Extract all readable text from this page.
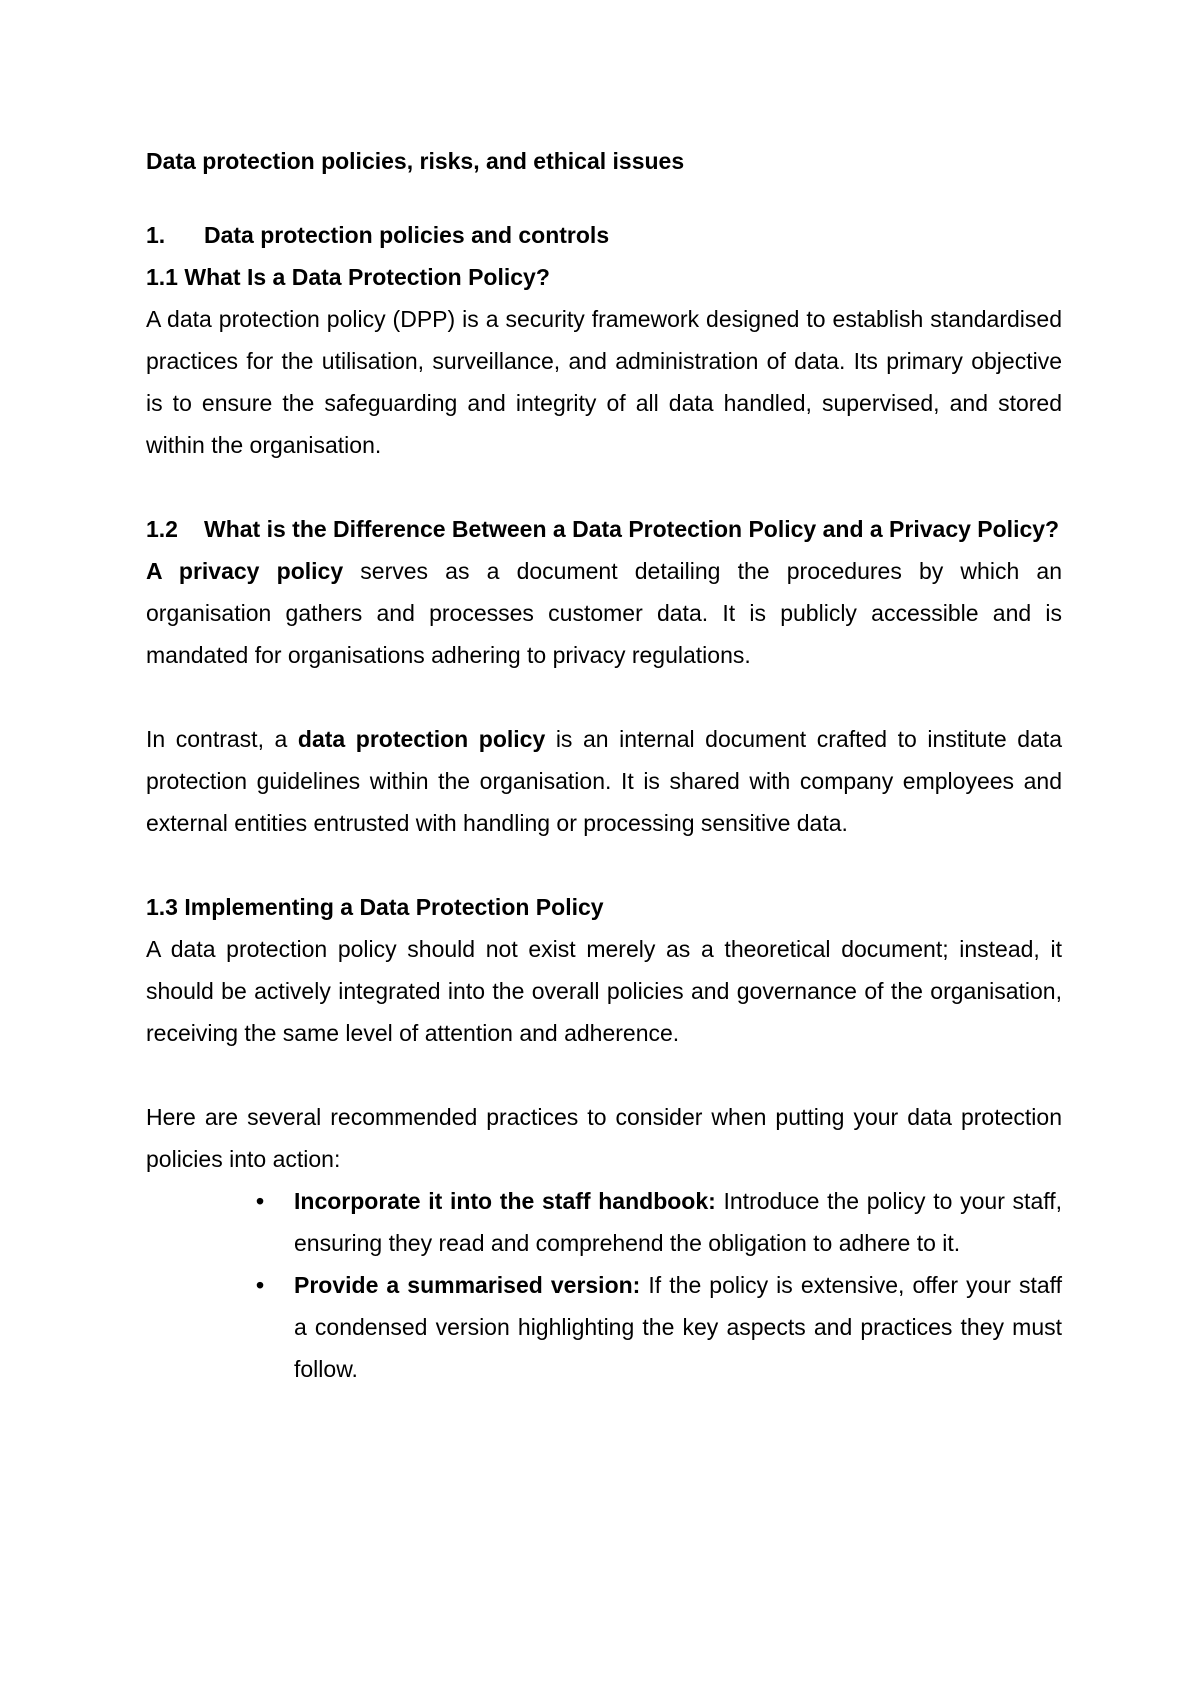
Data protection policies, risks, and ethical issues

1.	Data protection policies and controls

1.1 What Is a Data Protection Policy?

A data protection policy (DPP) is a security framework designed to establish standardised practices for the utilisation, surveillance, and administration of data. Its primary objective is to ensure the safeguarding and integrity of all data handled, supervised, and stored within the organisation.

1.2	What is the Difference Between a Data Protection Policy and a Privacy Policy?

A privacy policy serves as a document detailing the procedures by which an organisation gathers and processes customer data. It is publicly accessible and is mandated for organisations adhering to privacy regulations.

In contrast, a data protection policy is an internal document crafted to institute data protection guidelines within the organisation. It is shared with company employees and external entities entrusted with handling or processing sensitive data.

1.3 Implementing a Data Protection Policy

A data protection policy should not exist merely as a theoretical document; instead, it should be actively integrated into the overall policies and governance of the organisation, receiving the same level of attention and adherence.

Here are several recommended practices to consider when putting your data protection policies into action:

• Incorporate it into the staff handbook: Introduce the policy to your staff, ensuring they read and comprehend the obligation to adhere to it.
• Provide a summarised version: If the policy is extensive, offer your staff a condensed version highlighting the key aspects and practices they must follow.
